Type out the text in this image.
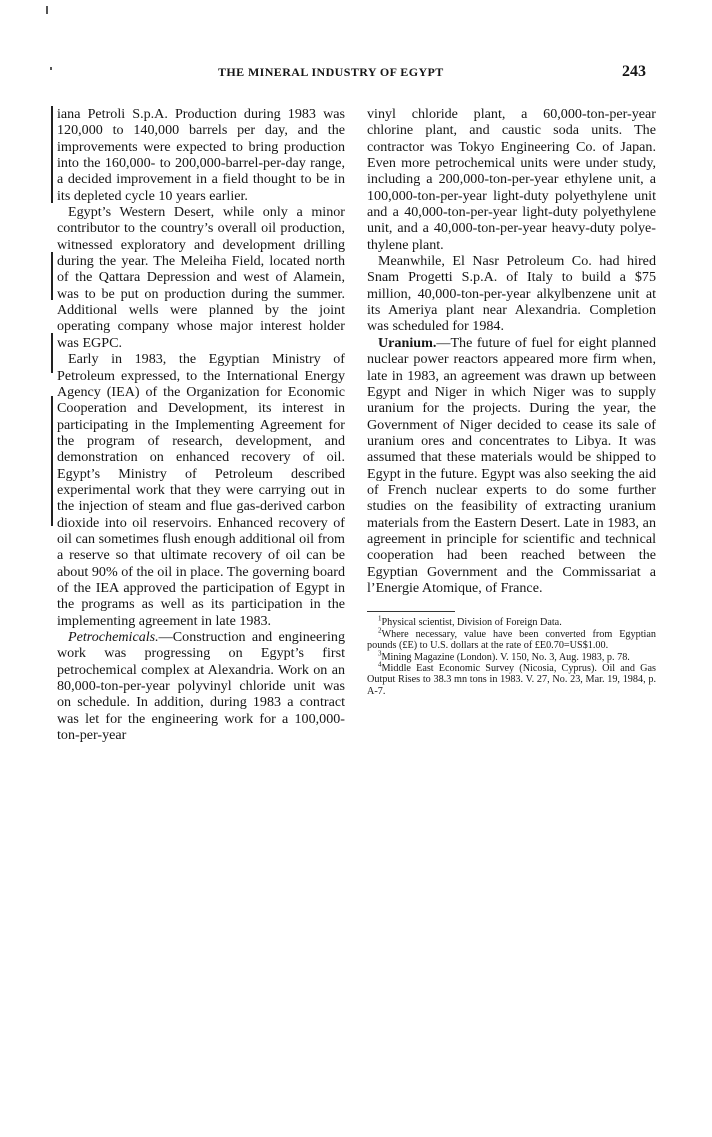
THE MINERAL INDUSTRY OF EGYPT	243

iana Petroli S.p.A. Production during 1983 was 120,000 to 140,000 barrels per day, and the improvements were expected to bring production into the 160,000- to 200,000-barrel-per-day range, a decided improvement in a field thought to be in its depleted cycle 10 years earlier.

Egypt’s Western Desert, while only a minor contributor to the country’s overall oil production, witnessed exploratory and development drilling during the year. The Meleiha Field, located north of the Qattara Depression and west of Alamein, was to be put on production during the summer. Additional wells were planned by the joint operating company whose major interest holder was EGPC.

Early in 1983, the Egyptian Ministry of Petroleum expressed, to the International Energy Agency (IEA) of the Organization for Economic Cooperation and Development, its interest in participating in the Implementing Agreement for the program of research, development, and demonstration on enhanced recovery of oil. Egypt’s Ministry of Petroleum described experimental work that they were carrying out in the injection of steam and flue gas-derived carbon dioxide into oil reservoirs. Enhanced recovery of oil can sometimes flush enough additional oil from a reserve so that ultimate recovery of oil can be about 90% of the oil in place. The governing board of the IEA approved the participation of Egypt in the programs as well as its participation in the implementing agreement in late 1983.

Petrochemicals.—Construction and engineering work was progressing on Egypt’s first petrochemical complex at Alexandria. Work on an 80,000-ton-per-year polyvinyl chloride unit was on schedule. In addition, during 1983 a contract was let for the engineering work for a 100,000-ton-per-year

vinyl chloride plant, a 60,000-ton-per-year chlorine plant, and caustic soda units. The contractor was Tokyo Engineering Co. of Japan. Even more petrochemical units were under study, including a 200,000-ton-per-year ethylene unit, a 100,000-ton-per-year light-duty polyethylene unit and a 40,000-ton-per-year light-duty polyethylene unit, and a 40,000-ton-per-year heavy-duty polyethylene plant.

Meanwhile, El Nasr Petroleum Co. had hired Snam Progetti S.p.A. of Italy to build a $75 million, 40,000-ton-per-year alkylbenzene unit at its Ameriya plant near Alexandria. Completion was scheduled for 1984.

Uranium.—The future of fuel for eight planned nuclear power reactors appeared more firm when, late in 1983, an agreement was drawn up between Egypt and Niger in which Niger was to supply uranium for the projects. During the year, the Government of Niger decided to cease its sale of uranium ores and concentrates to Libya. It was assumed that these materials would be shipped to Egypt in the future. Egypt was also seeking the aid of French nuclear experts to do some further studies on the feasibility of extracting uranium materials from the Eastern Desert. Late in 1983, an agreement in principle for scientific and technical cooperation had been reached between the Egyptian Government and the Commissariat a l’Energie Atomique, of France.

$^1$Physical scientist, Division of Foreign Data.

$^2$Where necessary, value have been converted from Egyptian pounds (£E) to U.S. dollars at the rate of £E0.70=US$1.00.

$^3$Mining Magazine (London). V. 150, No. 3, Aug. 1983, p. 78.

$^4$Middle East Economic Survey (Nicosia, Cyprus). Oil and Gas Output Rises to 38.3 mn tons in 1983. V. 27, No. 23, Mar. 19, 1984, p. A-7.
